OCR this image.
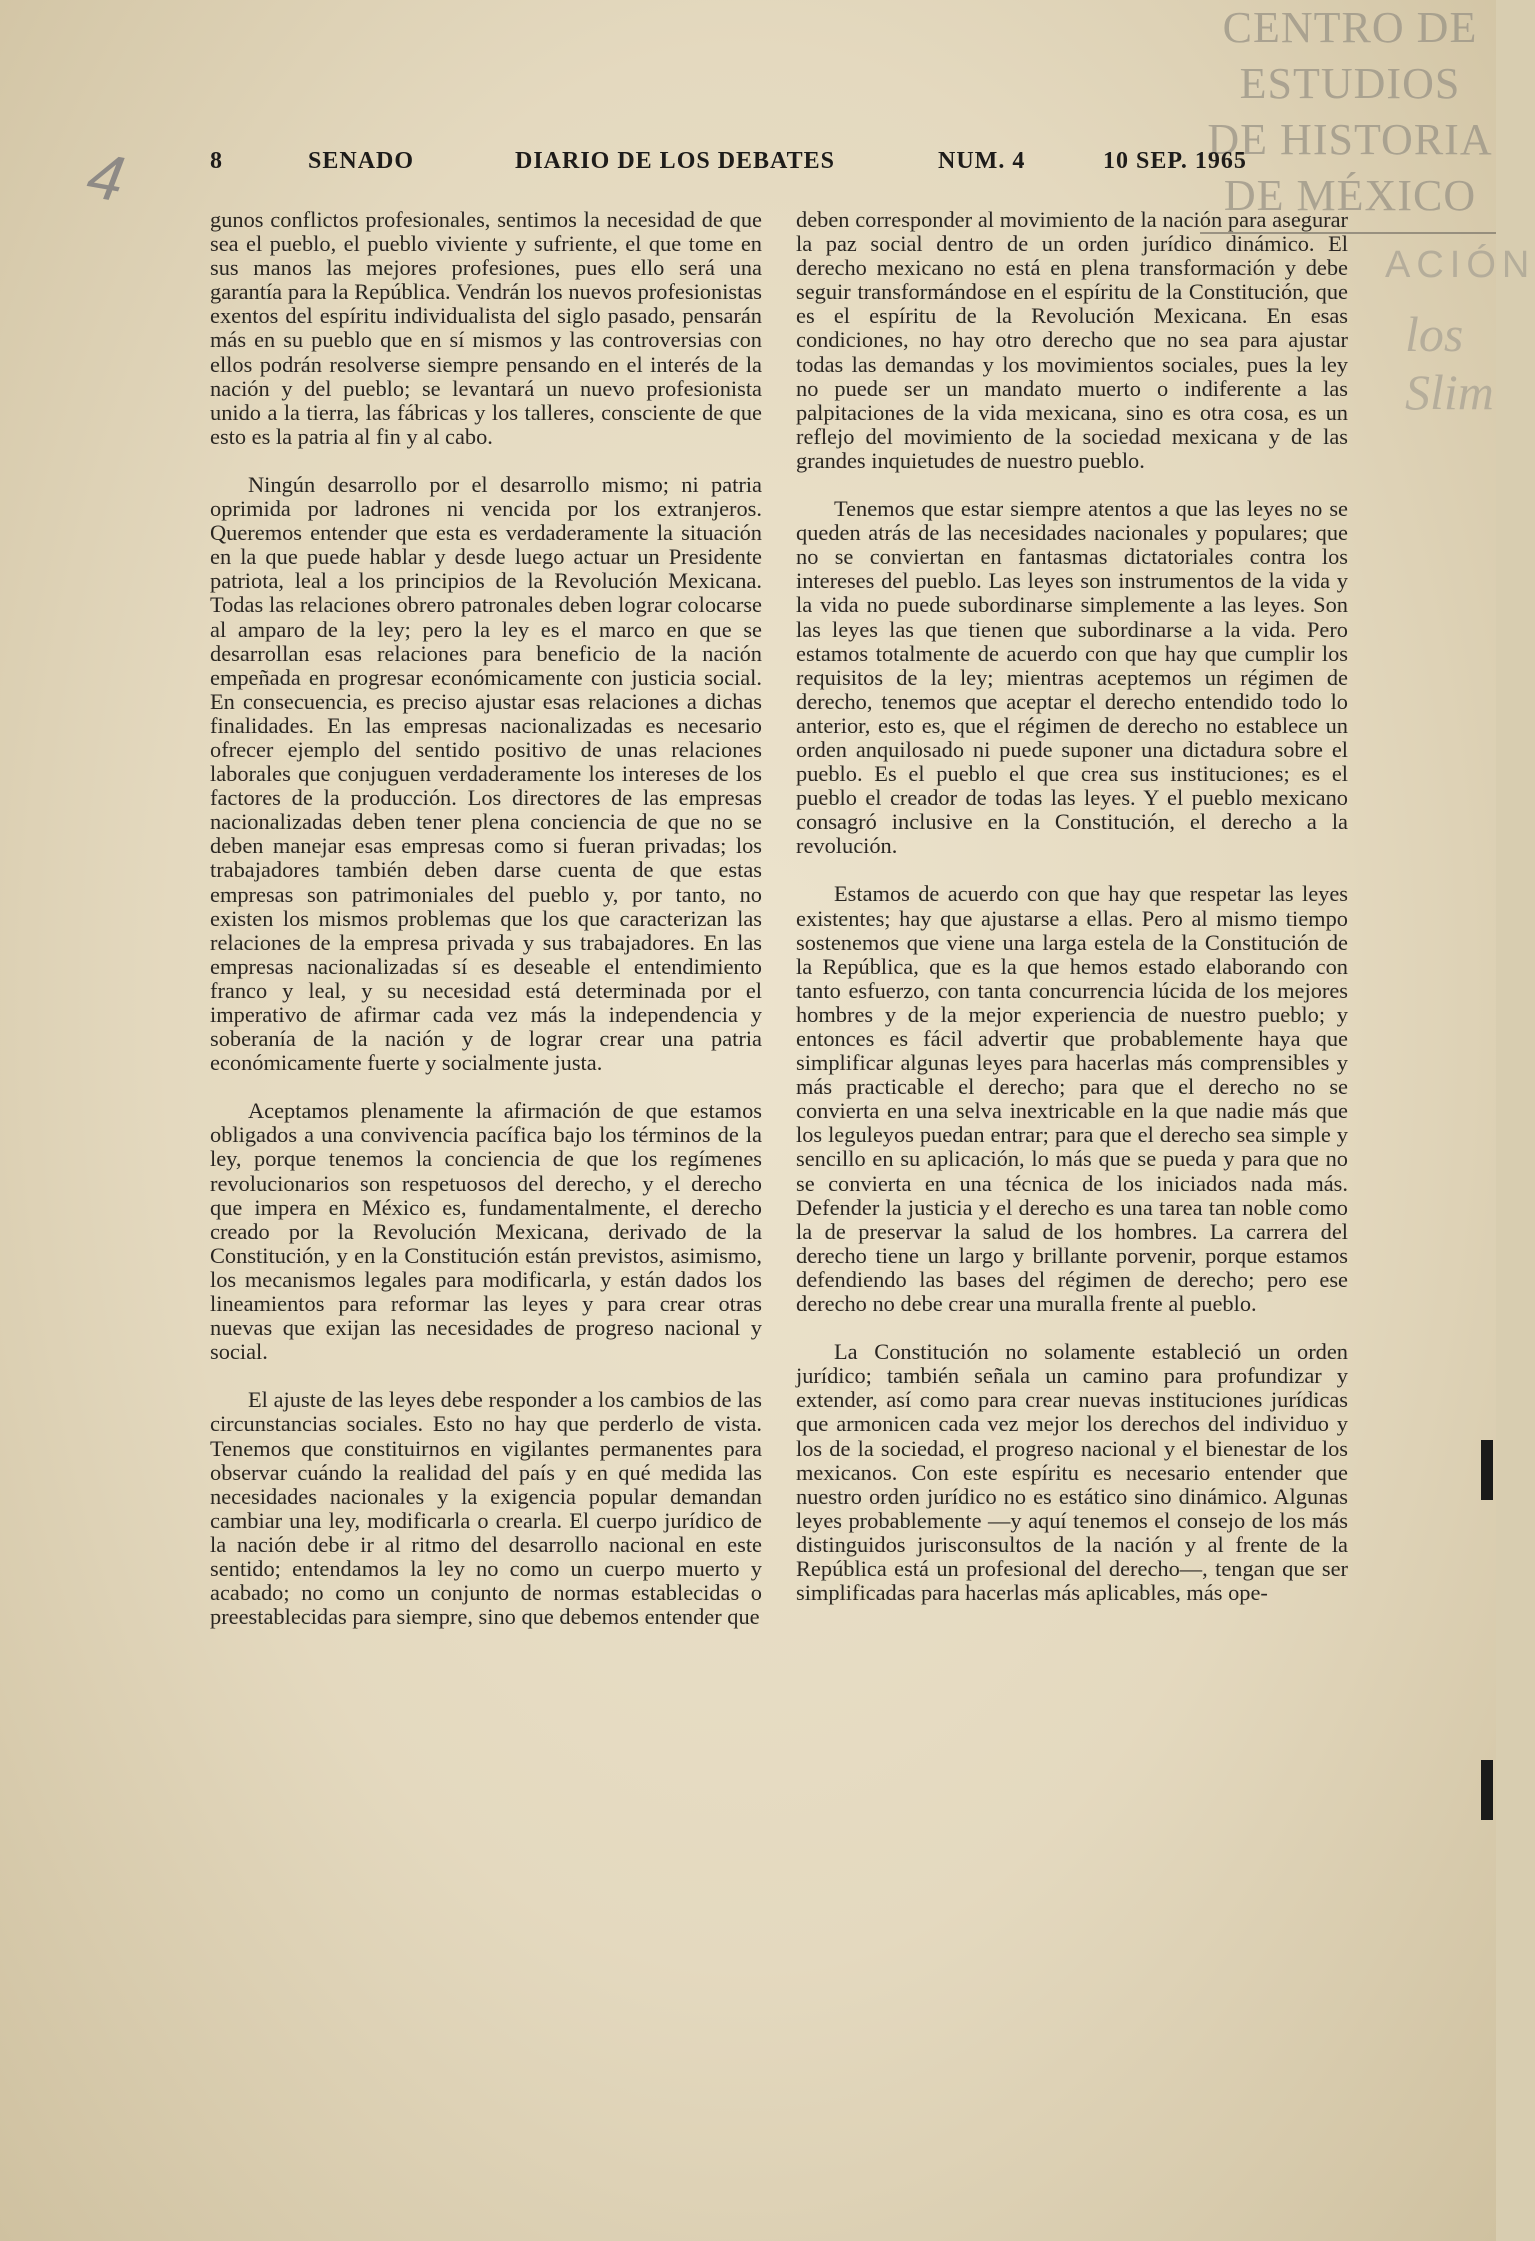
CENTRO DE
ESTUDIOS
DE HISTORIA
DE MÉXICO
ACIÓN
los Slim
4	8	SENADO	DIARIO DE LOS DEBATES	NUM. 4	10 SEP. 1965

gunos conflictos profesionales, sentimos la necesidad de que sea el pueblo, el pueblo viviente y sufriente, el que tome en sus manos las mejores profesiones, pues ello será una garantía para la República. Vendrán los nuevos profesionistas exentos del espíritu individualista del siglo pasado, pensarán más en su pueblo que en sí mismos y las controversias con ellos podrán resolverse siempre pensando en el interés de la nación y del pueblo; se levantará un nuevo profesionista unido a la tierra, las fábricas y los talleres, consciente de que esto es la patria al fin y al cabo.

Ningún desarrollo por el desarrollo mismo; ni patria oprimida por ladrones ni vencida por los extranjeros. Queremos entender que esta es verdaderamente la situación en la que puede hablar y desde luego actuar un Presidente patriota, leal a los principios de la Revolución Mexicana. Todas las relaciones obrero patronales deben lograr colocarse al amparo de la ley; pero la ley es el marco en que se desarrollan esas relaciones para beneficio de la nación empeñada en progresar económicamente con justicia social. En consecuencia, es preciso ajustar esas relaciones a dichas finalidades. En las empresas nacionalizadas es necesario ofrecer ejemplo del sentido positivo de unas relaciones laborales que conjuguen verdaderamente los intereses de los factores de la producción. Los directores de las empresas nacionalizadas deben tener plena conciencia de que no se deben manejar esas empresas como si fueran privadas; los trabajadores también deben darse cuenta de que estas empresas son patrimoniales del pueblo y, por tanto, no existen los mismos problemas que los que caracterizan las relaciones de la empresa privada y sus trabajadores. En las empresas nacionalizadas sí es deseable el entendimiento franco y leal, y su necesidad está determinada por el imperativo de afirmar cada vez más la independencia y soberanía de la nación y de lograr crear una patria económicamente fuerte y socialmente justa.

Aceptamos plenamente la afirmación de que estamos obligados a una convivencia pacífica bajo los términos de la ley, porque tenemos la conciencia de que los regímenes revolucionarios son respetuosos del derecho, y el derecho que impera en México es, fundamentalmente, el derecho creado por la Revolución Mexicana, derivado de la Constitución, y en la Constitución están previstos, asimismo, los mecanismos legales para modificarla, y están dados los lineamientos para reformar las leyes y para crear otras nuevas que exijan las necesidades de progreso nacional y social.

El ajuste de las leyes debe responder a los cambios de las circunstancias sociales. Esto no hay que perderlo de vista. Tenemos que constituirnos en vigilantes permanentes para observar cuándo la realidad del país y en qué medida las necesidades nacionales y la exigencia popular demandan cambiar una ley, modificarla o crearla. El cuerpo jurídico de la nación debe ir al ritmo del desarrollo nacional en este sentido; entendamos la ley no como un cuerpo muerto y acabado; no como un conjunto de normas establecidas o preestablecidas para siempre, sino que debemos entender que

deben corresponder al movimiento de la nación para asegurar la paz social dentro de un orden jurídico dinámico. El derecho mexicano no está en plena transformación y debe seguir transformándose en el espíritu de la Constitución, que es el espíritu de la Revolución Mexicana. En esas condiciones, no hay otro derecho que no sea para ajustar todas las demandas y los movimientos sociales, pues la ley no puede ser un mandato muerto o indiferente a las palpitaciones de la vida mexicana, sino es otra cosa, es un reflejo del movimiento de la sociedad mexicana y de las grandes inquietudes de nuestro pueblo.

Tenemos que estar siempre atentos a que las leyes no se queden atrás de las necesidades nacionales y populares; que no se conviertan en fantasmas dictatoriales contra los intereses del pueblo. Las leyes son instrumentos de la vida y la vida no puede subordinarse simplemente a las leyes. Son las leyes las que tienen que subordinarse a la vida. Pero estamos totalmente de acuerdo con que hay que cumplir los requisitos de la ley; mientras aceptemos un régimen de derecho, tenemos que aceptar el derecho entendido todo lo anterior, esto es, que el régimen de derecho no establece un orden anquilosado ni puede suponer una dictadura sobre el pueblo. Es el pueblo el que crea sus instituciones; es el pueblo el creador de todas las leyes. Y el pueblo mexicano consagró inclusive en la Constitución, el derecho a la revolución.

Estamos de acuerdo con que hay que respetar las leyes existentes; hay que ajustarse a ellas. Pero al mismo tiempo sostenemos que viene una larga estela de la Constitución de la República, que es la que hemos estado elaborando con tanto esfuerzo, con tanta concurrencia lúcida de los mejores hombres y de la mejor experiencia de nuestro pueblo; y entonces es fácil advertir que probablemente haya que simplificar algunas leyes para hacerlas más comprensibles y más practicable el derecho; para que el derecho no se convierta en una selva inextricable en la que nadie más que los leguleyos puedan entrar; para que el derecho sea simple y sencillo en su aplicación, lo más que se pueda y para que no se convierta en una técnica de los iniciados nada más. Defender la justicia y el derecho es una tarea tan noble como la de preservar la salud de los hombres. La carrera del derecho tiene un largo y brillante porvenir, porque estamos defendiendo las bases del régimen de derecho; pero ese derecho no debe crear una muralla frente al pueblo.

La Constitución no solamente estableció un orden jurídico; también señala un camino para profundizar y extender, así como para crear nuevas instituciones jurídicas que armonicen cada vez mejor los derechos del individuo y los de la sociedad, el progreso nacional y el bienestar de los mexicanos. Con este espíritu es necesario entender que nuestro orden jurídico no es estático sino dinámico. Algunas leyes probablemente —y aquí tenemos el consejo de los más distinguidos jurisconsultos de la nación y al frente de la República está un profesional del derecho—, tengan que ser simplificadas para hacerlas más aplicables, más ope-
